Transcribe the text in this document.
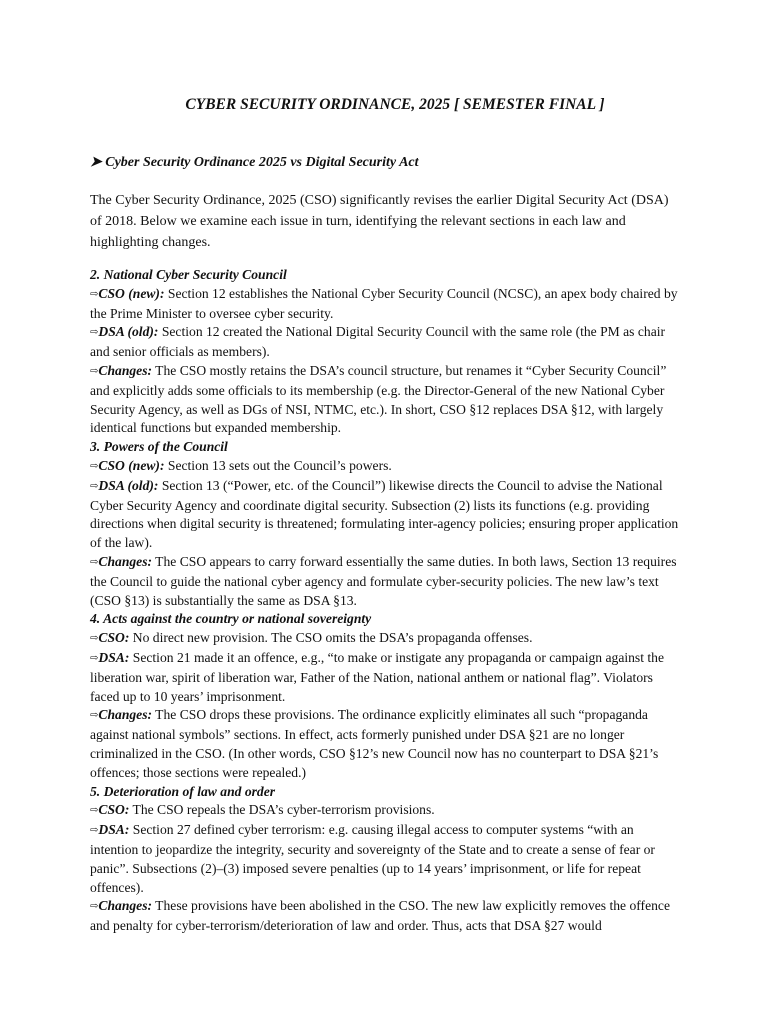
CYBER SECURITY ORDINANCE, 2025 [ SEMESTER FINAL ]
➤ Cyber Security Ordinance 2025 vs Digital Security Act

The Cyber Security Ordinance, 2025 (CSO) significantly revises the earlier Digital Security Act (DSA) of 2018. Below we examine each issue in turn, identifying the relevant sections in each law and highlighting changes.

2. National Cyber Security Council

⇨CSO (new): Section 12 establishes the National Cyber Security Council (NCSC), an apex body chaired by the Prime Minister to oversee cyber security.

⇨DSA (old): Section 12 created the National Digital Security Council with the same role (the PM as chair and senior officials as members).

⇨Changes: The CSO mostly retains the DSA’s council structure, but renames it “Cyber Security Council” and explicitly adds some officials to its membership (e.g. the Director-General of the new National Cyber Security Agency, as well as DGs of NSI, NTMC, etc.). In short, CSO §12 replaces DSA §12, with largely identical functions but expanded membership.

3. Powers of the Council

⇨CSO (new): Section 13 sets out the Council’s powers.

⇨DSA (old): Section 13 (“Power, etc. of the Council”) likewise directs the Council to advise the National Cyber Security Agency and coordinate digital security. Subsection (2) lists its functions (e.g. providing directions when digital security is threatened; formulating inter-agency policies; ensuring proper application of the law).

⇨Changes: The CSO appears to carry forward essentially the same duties. In both laws, Section 13 requires the Council to guide the national cyber agency and formulate cyber-security policies. The new law’s text (CSO §13) is substantially the same as DSA §13.

4. Acts against the country or national sovereignty

⇨CSO: No direct new provision. The CSO omits the DSA’s propaganda offenses.

⇨DSA: Section 21 made it an offence, e.g., “to make or instigate any propaganda or campaign against the liberation war, spirit of liberation war, Father of the Nation, national anthem or national flag”. Violators faced up to 10 years’ imprisonment.

⇨Changes: The CSO drops these provisions. The ordinance explicitly eliminates all such “propaganda against national symbols” sections. In effect, acts formerly punished under DSA §21 are no longer criminalized in the CSO. (In other words, CSO §12’s new Council now has no counterpart to DSA §21’s offences; those sections were repealed.)

5. Deterioration of law and order

⇨CSO: The CSO repeals the DSA’s cyber-terrorism provisions.

⇨DSA: Section 27 defined cyber terrorism: e.g. causing illegal access to computer systems “with an intention to jeopardize the integrity, security and sovereignty of the State and to create a sense of fear or panic”. Subsections (2)–(3) imposed severe penalties (up to 14 years’ imprisonment, or life for repeat offences).

⇨Changes: These provisions have been abolished in the CSO. The new law explicitly removes the offence and penalty for cyber-terrorism/deterioration of law and order. Thus, acts that DSA §27 would
